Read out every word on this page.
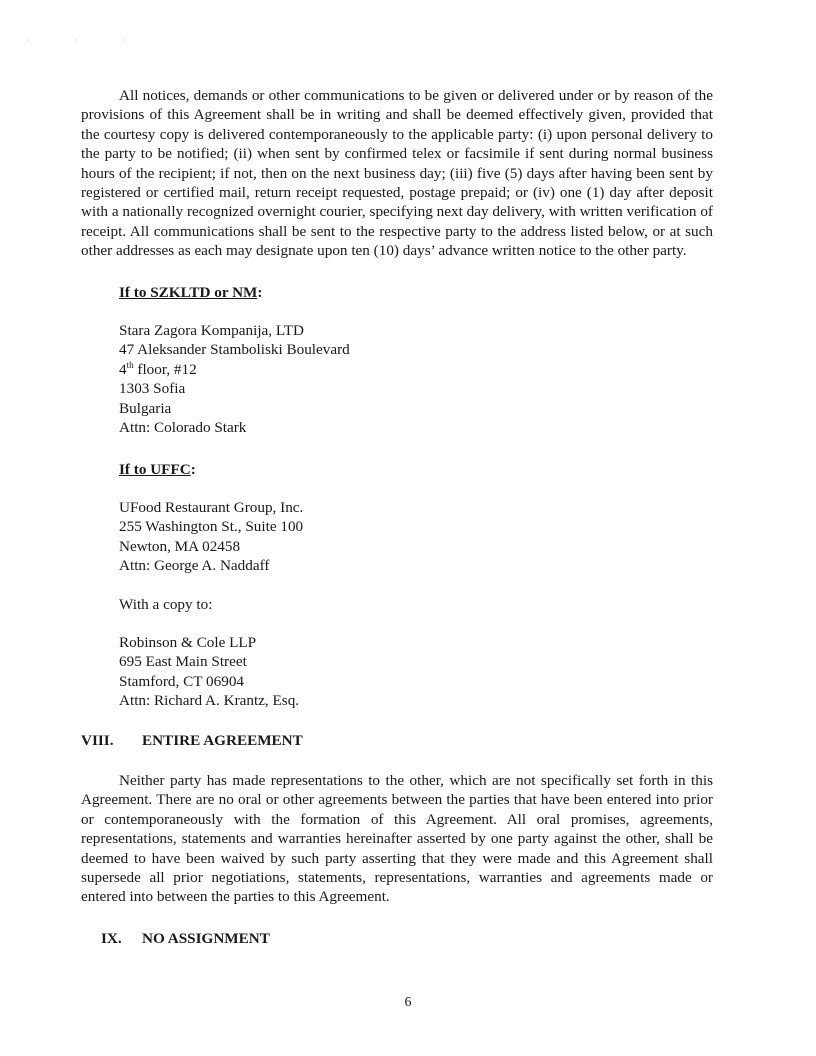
· · ·

All notices, demands or other communications to be given or delivered under or by reason of the provisions of this Agreement shall be in writing and shall be deemed effectively given, provided that the courtesy copy is delivered contemporaneously to the applicable party: (i) upon personal delivery to the party to be notified; (ii) when sent by confirmed telex or facsimile if sent during normal business hours of the recipient; if not, then on the next business day; (iii) five (5) days after having been sent by registered or certified mail, return receipt requested, postage prepaid; or (iv) one (1) day after deposit with a nationally recognized overnight courier, specifying next day delivery, with written verification of receipt. All communications shall be sent to the respective party to the address listed below, or at such other addresses as each may designate upon ten (10) days’ advance written notice to the other party.

If to SZKLTD or NM:
Stara Zagora Kompanija, LTD
47 Aleksander Stamboliski Boulevard
4th floor, #12
1303 Sofia
Bulgaria
Attn: Colorado Stark
If to UFFC:
UFood Restaurant Group, Inc.
255 Washington St., Suite 100
Newton, MA 02458
Attn: George A. Naddaff
With a copy to:
Robinson & Cole LLP
695 East Main Street
Stamford, CT 06904
Attn: Richard A. Krantz, Esq.
VIII. ENTIRE AGREEMENT

Neither party has made representations to the other, which are not specifically set forth in this Agreement. There are no oral or other agreements between the parties that have been entered into prior or contemporaneously with the formation of this Agreement. All oral promises, agreements, representations, statements and warranties hereinafter asserted by one party against the other, shall be deemed to have been waived by such party asserting that they were made and this Agreement shall supersede all prior negotiations, statements, representations, warranties and agreements made or entered into between the parties to this Agreement.

IX. NO ASSIGNMENT
6
